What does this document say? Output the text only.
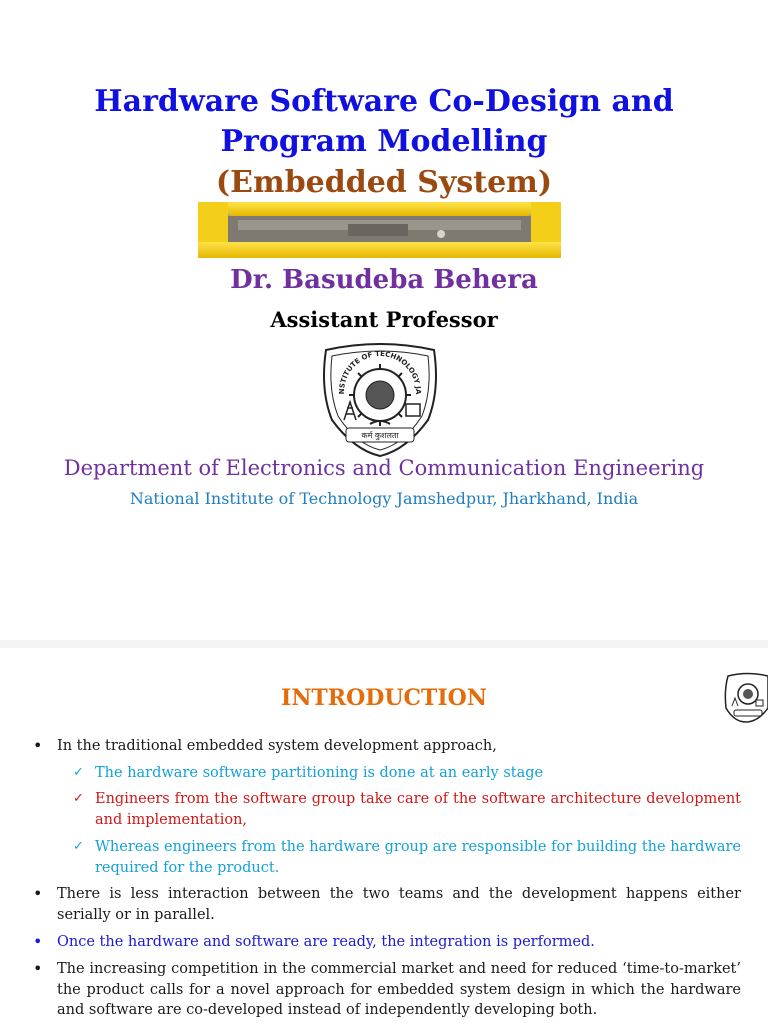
Hardware Software Co-Design and Program Modelling
(Embedded System)
Dr. Basudeba Behera
Assistant Professor
NSTITUTE OF TECHNOLOGY JA
कर्म कुशलता
Department of Electronics and Communication Engineering
National Institute of Technology Jamshedpur, Jharkhand, India
INTRODUCTION
• In the traditional embedded system development approach,
✓ The hardware software partitioning is done at an early stage
✓ Engineers from the software group take care of the software architecture development and implementation,
✓ Whereas engineers from the hardware group are responsible for building the hardware required for the product.
• There is less interaction between the two teams and the development happens either serially or in parallel.
• Once the hardware and software are ready, the integration is performed.
• The increasing competition in the commercial market and need for reduced ‘time-to-market’ the product calls for a novel approach for embedded system design in which the hardware and software are co-developed instead of independently developing both.
